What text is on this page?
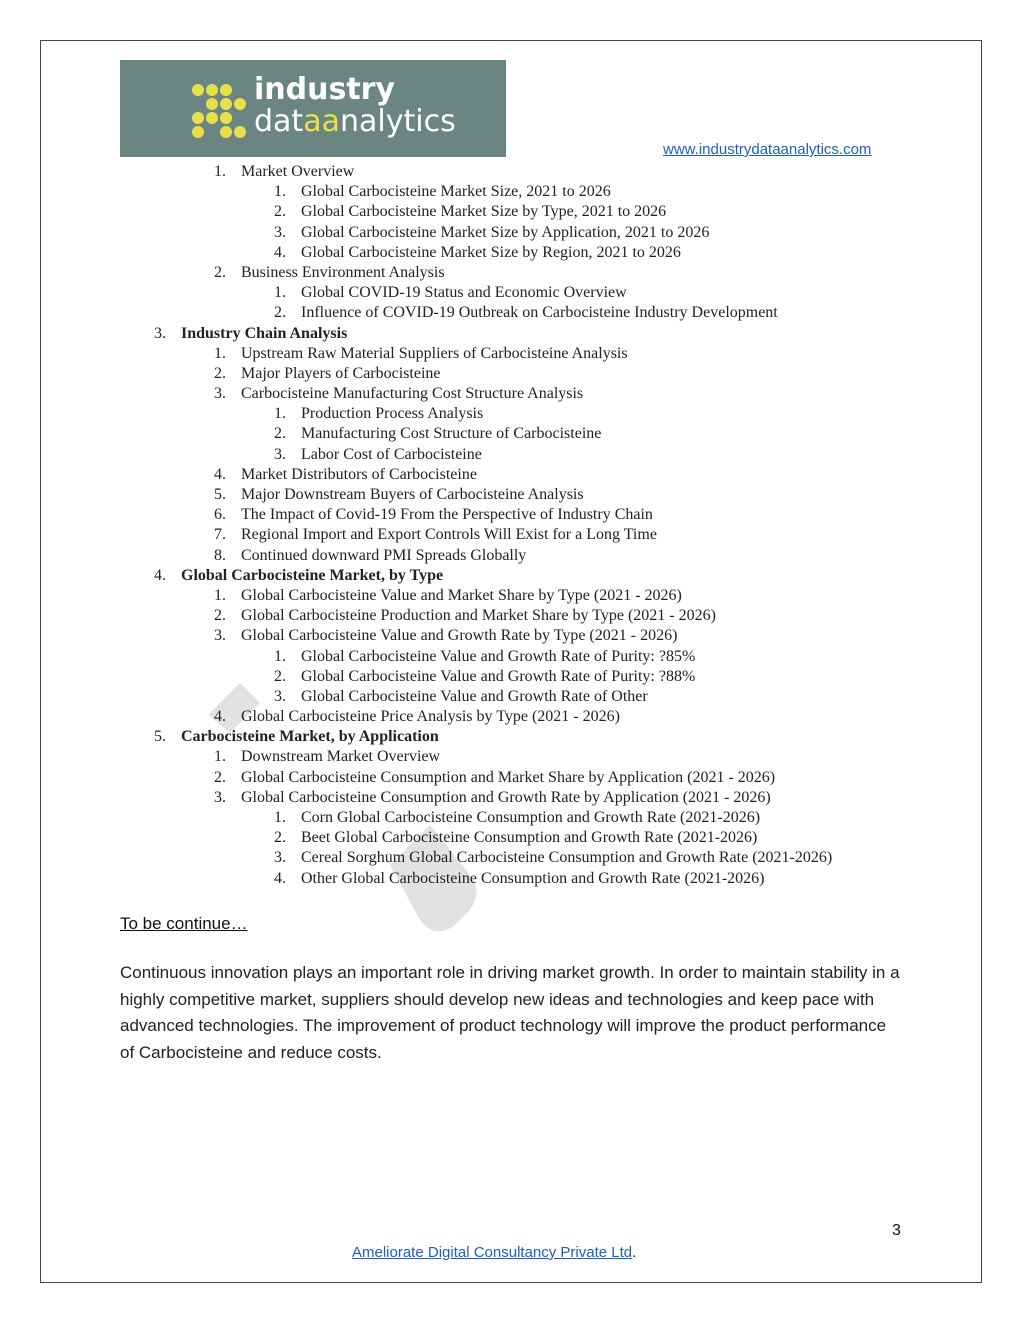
industry
dataanalytics
www.industrydataanalytics.com
1. Market Overview
1. Global Carbocisteine Market Size, 2021 to 2026
2. Global Carbocisteine Market Size by Type, 2021 to 2026
3. Global Carbocisteine Market Size by Application, 2021 to 2026
4. Global Carbocisteine Market Size by Region, 2021 to 2026
2. Business Environment Analysis
1. Global COVID-19 Status and Economic Overview
2. Influence of COVID-19 Outbreak on Carbocisteine Industry Development
3. Industry Chain Analysis
1. Upstream Raw Material Suppliers of Carbocisteine Analysis
2. Major Players of Carbocisteine
3. Carbocisteine Manufacturing Cost Structure Analysis
1. Production Process Analysis
2. Manufacturing Cost Structure of Carbocisteine
3. Labor Cost of Carbocisteine
4. Market Distributors of Carbocisteine
5. Major Downstream Buyers of Carbocisteine Analysis
6. The Impact of Covid-19 From the Perspective of Industry Chain
7. Regional Import and Export Controls Will Exist for a Long Time
8. Continued downward PMI Spreads Globally
4. Global Carbocisteine Market, by Type
1. Global Carbocisteine Value and Market Share by Type (2021 - 2026)
2. Global Carbocisteine Production and Market Share by Type (2021 - 2026)
3. Global Carbocisteine Value and Growth Rate by Type (2021 - 2026)
1. Global Carbocisteine Value and Growth Rate of Purity: ?85%
2. Global Carbocisteine Value and Growth Rate of Purity: ?88%
3. Global Carbocisteine Value and Growth Rate of Other
4. Global Carbocisteine Price Analysis by Type (2021 - 2026)
5. Carbocisteine Market, by Application
1. Downstream Market Overview
2. Global Carbocisteine Consumption and Market Share by Application (2021 - 2026)
3. Global Carbocisteine Consumption and Growth Rate by Application (2021 - 2026)
1. Corn Global Carbocisteine Consumption and Growth Rate (2021-2026)
2. Beet Global Carbocisteine Consumption and Growth Rate (2021-2026)
3. Cereal Sorghum Global Carbocisteine Consumption and Growth Rate (2021-2026)
4. Other Global Carbocisteine Consumption and Growth Rate (2021-2026)
To be continue…
Continuous innovation plays an important role in driving market growth. In order to maintain stability in a highly competitive market, suppliers should develop new ideas and technologies and keep pace with advanced technologies. The improvement of product technology will improve the product performance of Carbocisteine and reduce costs.
3
Ameliorate Digital Consultancy Private Ltd.
